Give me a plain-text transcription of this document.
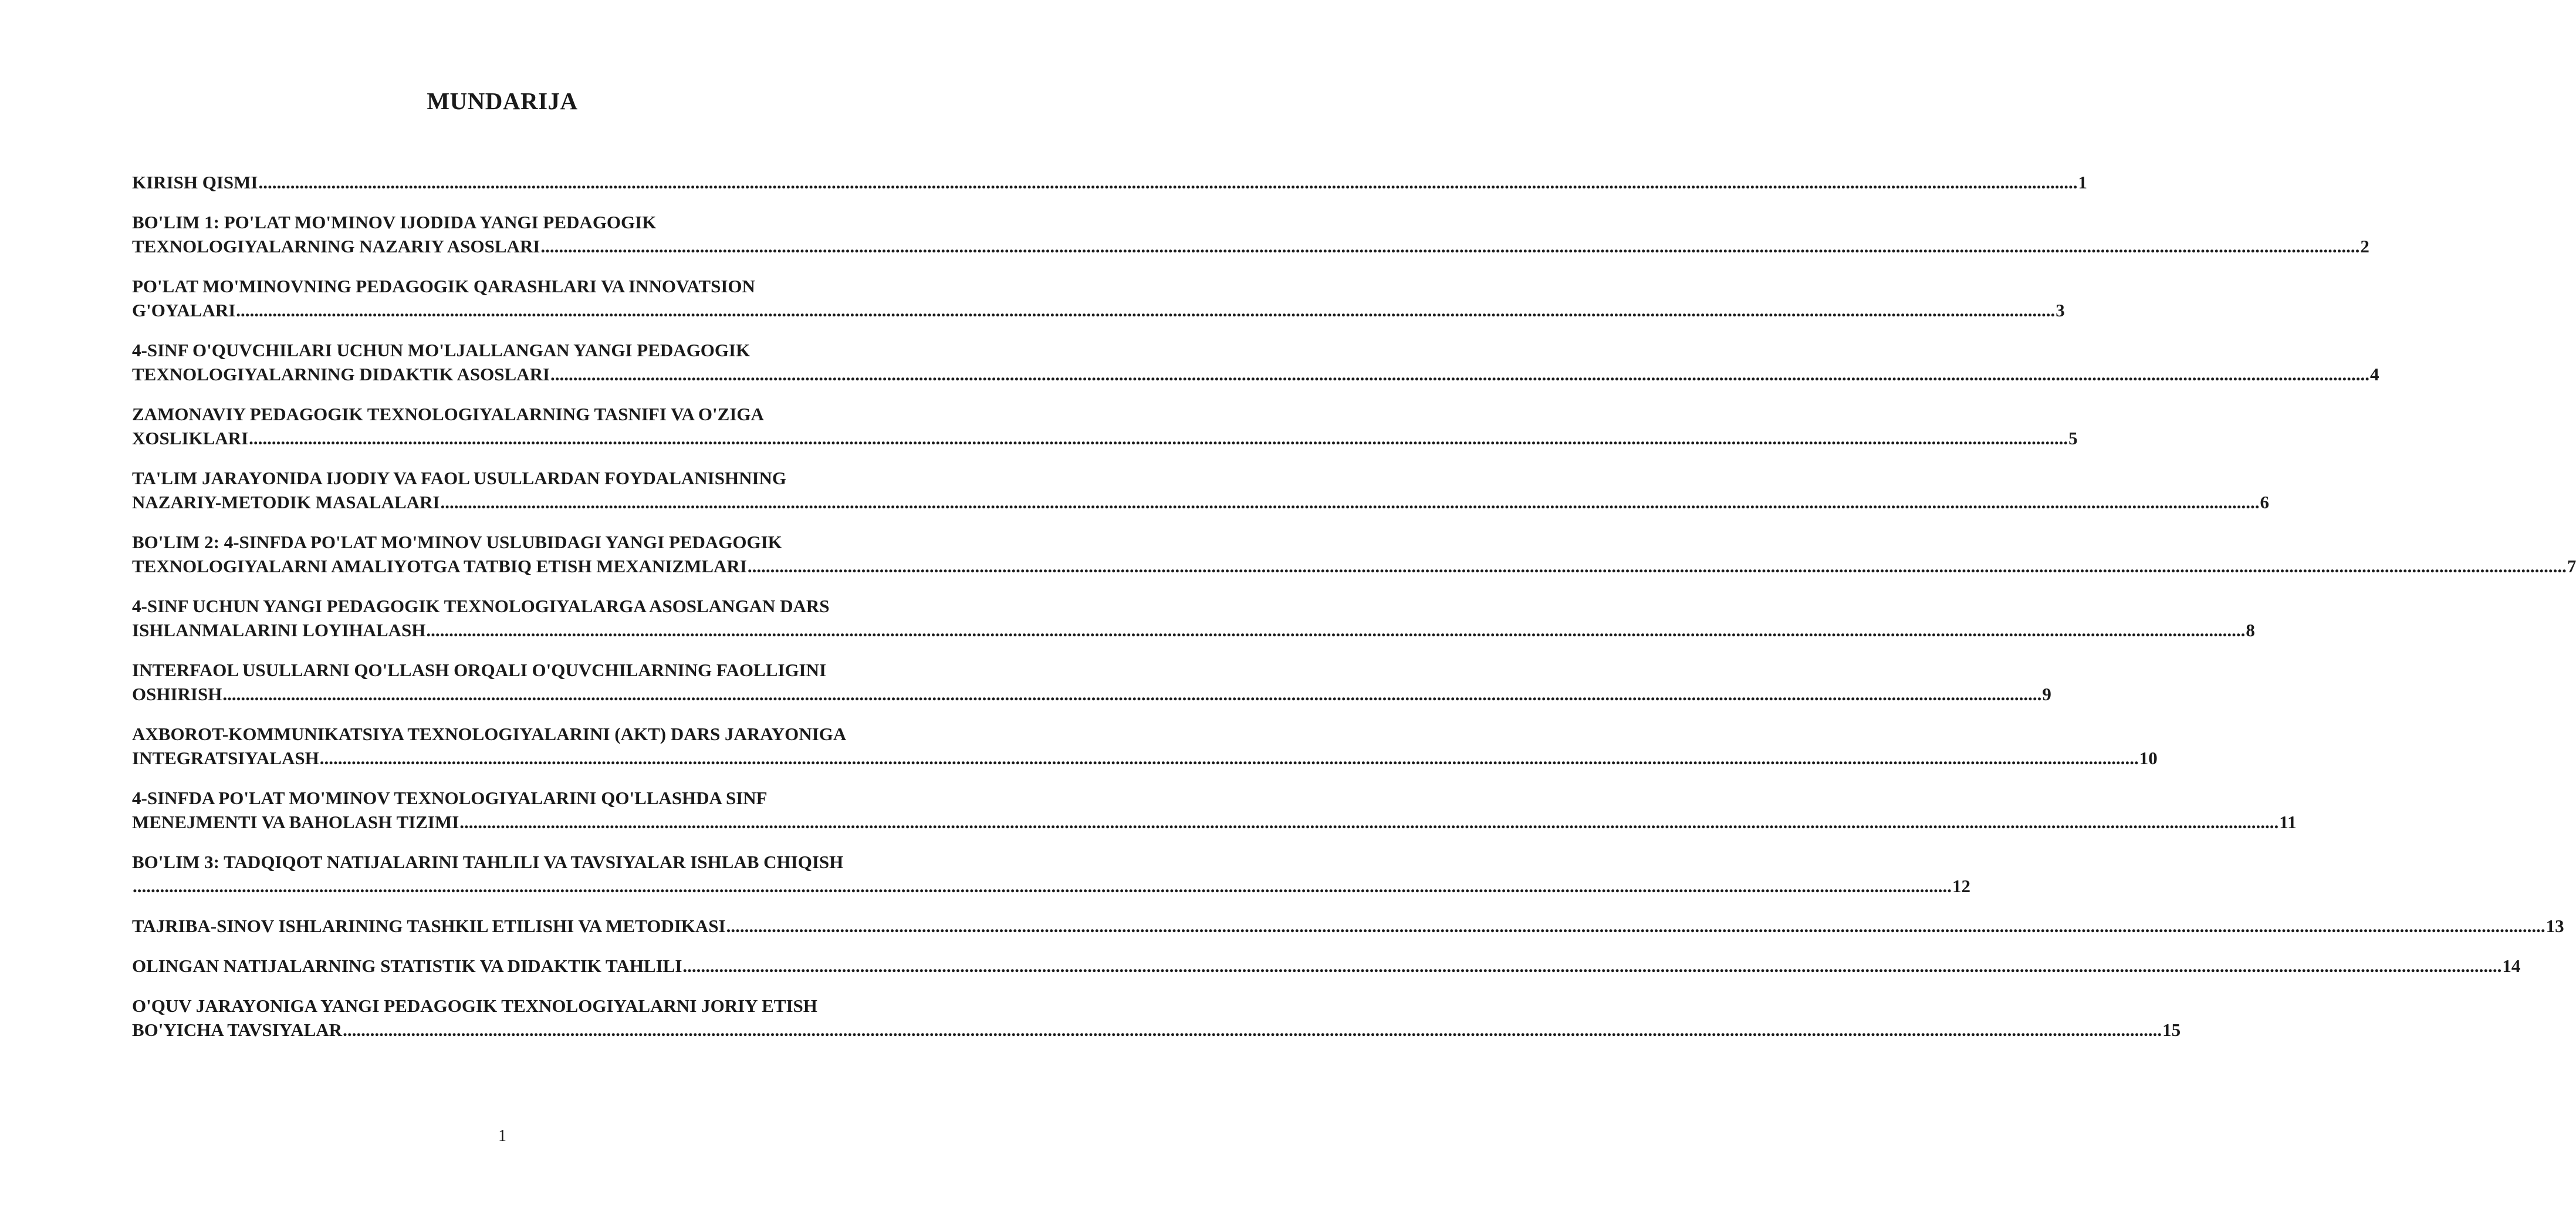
MUNDARIJA
KIRISH QISMI ................................................................................................................................................................................................................................................................................................................................................................................................................ 1
BO'LIM 1: PO'LAT MO'MINOV IJODIDA YANGI PEDAGOGIK
TEXNOLOGIYALARNING NAZARIY ASOSLARI ................................................................................................................................................................................................................................................................................................................................................................................................................ 2
PO'LAT MO'MINOVNING PEDAGOGIK QARASHLARI VA INNOVATSION
G'OYALARI ................................................................................................................................................................................................................................................................................................................................................................................................................ 3
4-SINF O'QUVCHILARI UCHUN MO'LJALLANGAN YANGI PEDAGOGIK
TEXNOLOGIYALARNING DIDAKTIK ASOSLARI ................................................................................................................................................................................................................................................................................................................................................................................................................ 4
ZAMONAVIY PEDAGOGIK TEXNOLOGIYALARNING TASNIFI VA O'ZIGA
XOSLIKLARI ................................................................................................................................................................................................................................................................................................................................................................................................................ 5
TA'LIM JARAYONIDA IJODIY VA FAOL USULLARDAN FOYDALANISHNING
NAZARIY-METODIK MASALALARI ................................................................................................................................................................................................................................................................................................................................................................................................................ 6
BO'LIM 2: 4-SINFDA PO'LAT MO'MINOV USLUBIDAGI YANGI PEDAGOGIK
TEXNOLOGIYALARNI AMALIYOTGA TATBIQ ETISH MEXANIZMLARI ................................................................................................................................................................................................................................................................................................................................................................................................................ 7
4-SINF UCHUN YANGI PEDAGOGIK TEXNOLOGIYALARGA ASOSLANGAN DARS
ISHLANMALARINI LOYIHALASH ................................................................................................................................................................................................................................................................................................................................................................................................................ 8
INTERFAOL USULLARNI QO'LLASH ORQALI O'QUVCHILARNING FAOLLIGINI
OSHIRISH ................................................................................................................................................................................................................................................................................................................................................................................................................ 9
AXBOROT-KOMMUNIKATSIYA TEXNOLOGIYALARINI (AKT) DARS JARAYONIGA
INTEGRATSIYALASH ................................................................................................................................................................................................................................................................................................................................................................................................................ 10
4-SINFDA PO'LAT MO'MINOV TEXNOLOGIYALARINI QO'LLASHDA SINF
MENEJMENTI VA BAHOLASH TIZIMI ................................................................................................................................................................................................................................................................................................................................................................................................................ 11
BO'LIM 3: TADQIQOT NATIJALARINI TAHLILI VA TAVSIYALAR ISHLAB CHIQISH
................................................................................................................................................................................................................................................................................................................................................................................................................ 12
TAJRIBA-SINOV ISHLARINING TASHKIL ETILISHI VA METODIKASI ................................................................................................................................................................................................................................................................................................................................................................................................................ 13
OLINGAN NATIJALARNING STATISTIK VA DIDAKTIK TAHLILI ................................................................................................................................................................................................................................................................................................................................................................................................................ 14
O'QUV JARAYONIGA YANGI PEDAGOGIK TEXNOLOGIYALARNI JORIY ETISH
BO'YICHA TAVSIYALAR ................................................................................................................................................................................................................................................................................................................................................................................................................ 15
1
